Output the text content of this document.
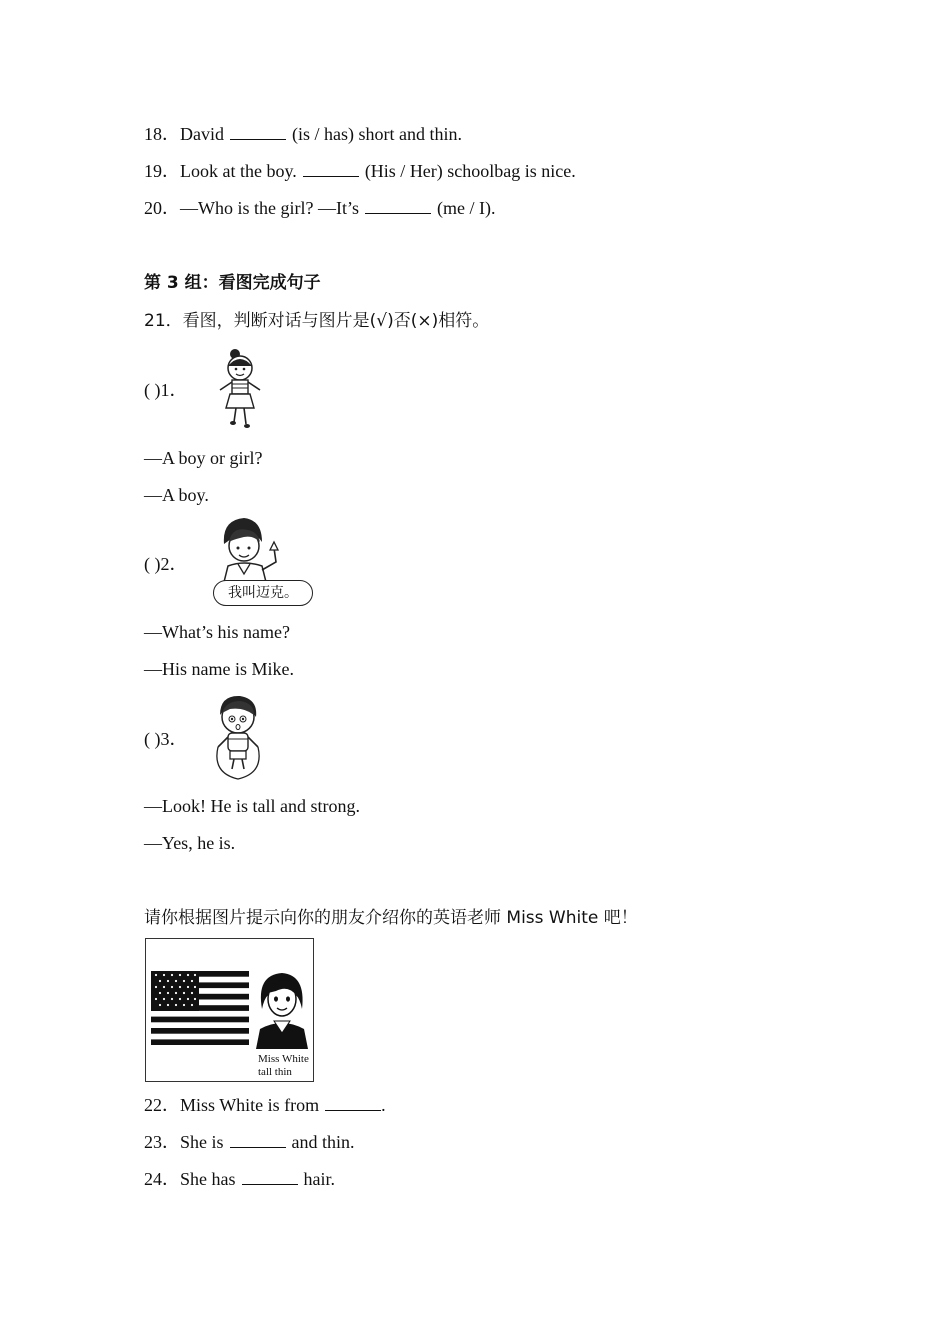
18．David	(is / has) short and thin.
19．Look at the boy.	(His / Her) schoolbag is nice.
20．—Who is the girl? —It’s	(me / I).
第 3 组：看图完成句子
21．看图，判断对话与图片是(√)否(×)相符。
( )1．
—A boy or girl?
—A boy.
( )2．
我叫迈克。
—What’s his name?
—His name is Mike.
( )3．
—Look! He is tall and strong.
—Yes, he is.
请你根据图片提示向你的朋友介绍你的英语老师 Miss White 吧！
Miss White
tall thin
22．Miss White is from	.
23．She is	and thin.
24．She has	hair.
